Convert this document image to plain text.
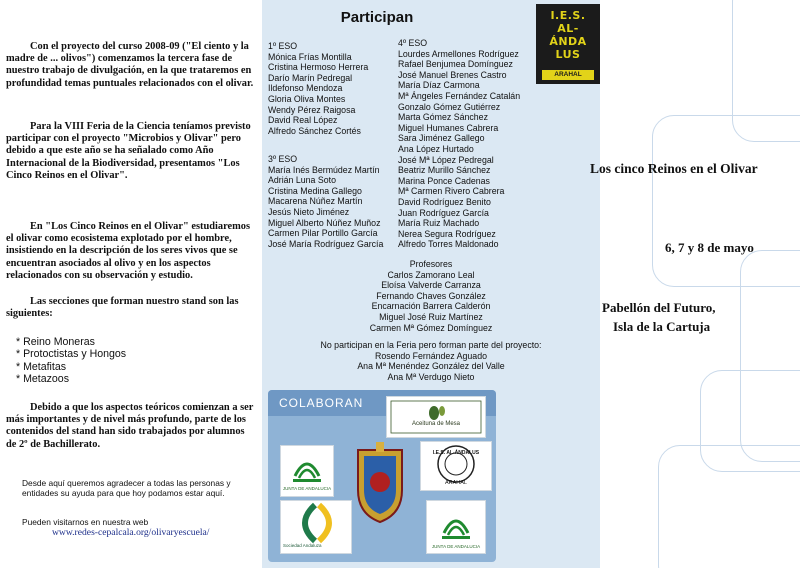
Con el proyecto del curso 2008-09 ("El ciento y la madre de ... olivos") comenzamos la tercera fase de nuestro trabajo de divulgación, en la que trataremos en profundidad temas puntuales relacionados con el olivar.

Para la VIII Feria de la Ciencia teníamos previsto participar con el proyecto "Microbios y Olivar" pero debido a que este año se ha señalado como Año Internacional de la Biodiversidad, presentamos "Los Cinco Reinos en el Olivar".

En "Los Cinco Reinos en el Olivar" estudiaremos el olivar como ecosistema explotado por el hombre, insistiendo en la descripción de los seres vivos que se encuentran asociados al olivo y en los aspectos relacionados con su observación y estudio.

Las secciones que forman nuestro stand son las siguientes:

* Reino Moneras
* Protoctistas y Hongos
* Metafitas
* Metazoos

Debido a que los aspectos teóricos comienzan a ser más importantes y de nivel más profundo, parte de los contenidos del stand han sido trabajados por alumnos de 2º de Bachillerato.

Desde aquí queremos agradecer a todas las personas y entidades su ayuda para que hoy podamos estar aquí.
Pueden visitarnos en nuestra web
www.redes-cepalcala.org/olivaryescuela/
Participan	I.E.S.
AL-
ÁNDA
LUS
ARAHAL
1º ESO
Mónica Frías Montilla
Cristina Hermoso Herrera
Darío Marín Pedregal
Ildefonso Mendoza
Gloria Oliva Montes
Wendy Pérez Raigosa
David Real López
Alfredo Sánchez Cortés
3º ESO
María Inés Bermúdez Martín
Adrián Luna Soto
Cristina Medina Gallego
Macarena Núñez Martín
Jesús Nieto Jiménez
Miguel Alberto Núñez Muñoz
Carmen Pilar Portillo García
José María Rodríguez García
4º ESO
Lourdes Armellones Rodríguez
Rafael Benjumea Domínguez
José Manuel Brenes Castro
María Díaz Carmona
Mª Ángeles Fernández Catalán
Gonzalo Gómez Gutiérrez
Marta Gómez Sánchez
Miguel Humanes Cabrera
Sara Jiménez Gallego
Ana López Hurtado
José Mª López Pedregal
Beatriz Murillo Sánchez
Marina Ponce Cadenas
Mª Carmen Rivero Cabrera
David Rodríguez Benito
Juan Rodríguez García
María Ruiz Machado
Nerea Segura Rodríguez
Alfredo Torres Maldonado
Profesores
Carlos Zamorano Leal
Eloísa Valverde Carranza
Fernando Chaves González
Encarnación Barrera Calderón
Miguel José Ruiz Martínez
Carmen Mª Gómez Domínguez
No participan en la Feria pero forman parte del proyecto:
Rosendo Fernández Aguado
Ana Mª Menéndez González del Valle
Ana Mª Verdugo Nieto
COLABORAN
Aceituna de Mesa
JUNTA DE ANDALUCIA
I.E.S. AL-ÁNDALUS
ARAHAL
Sociedad Andaluza	JUNTA DE ANDALUCIA
Los cinco Reinos en el Olivar
6, 7 y 8 de mayo
Pabellón del Futuro,
Isla de la Cartuja
